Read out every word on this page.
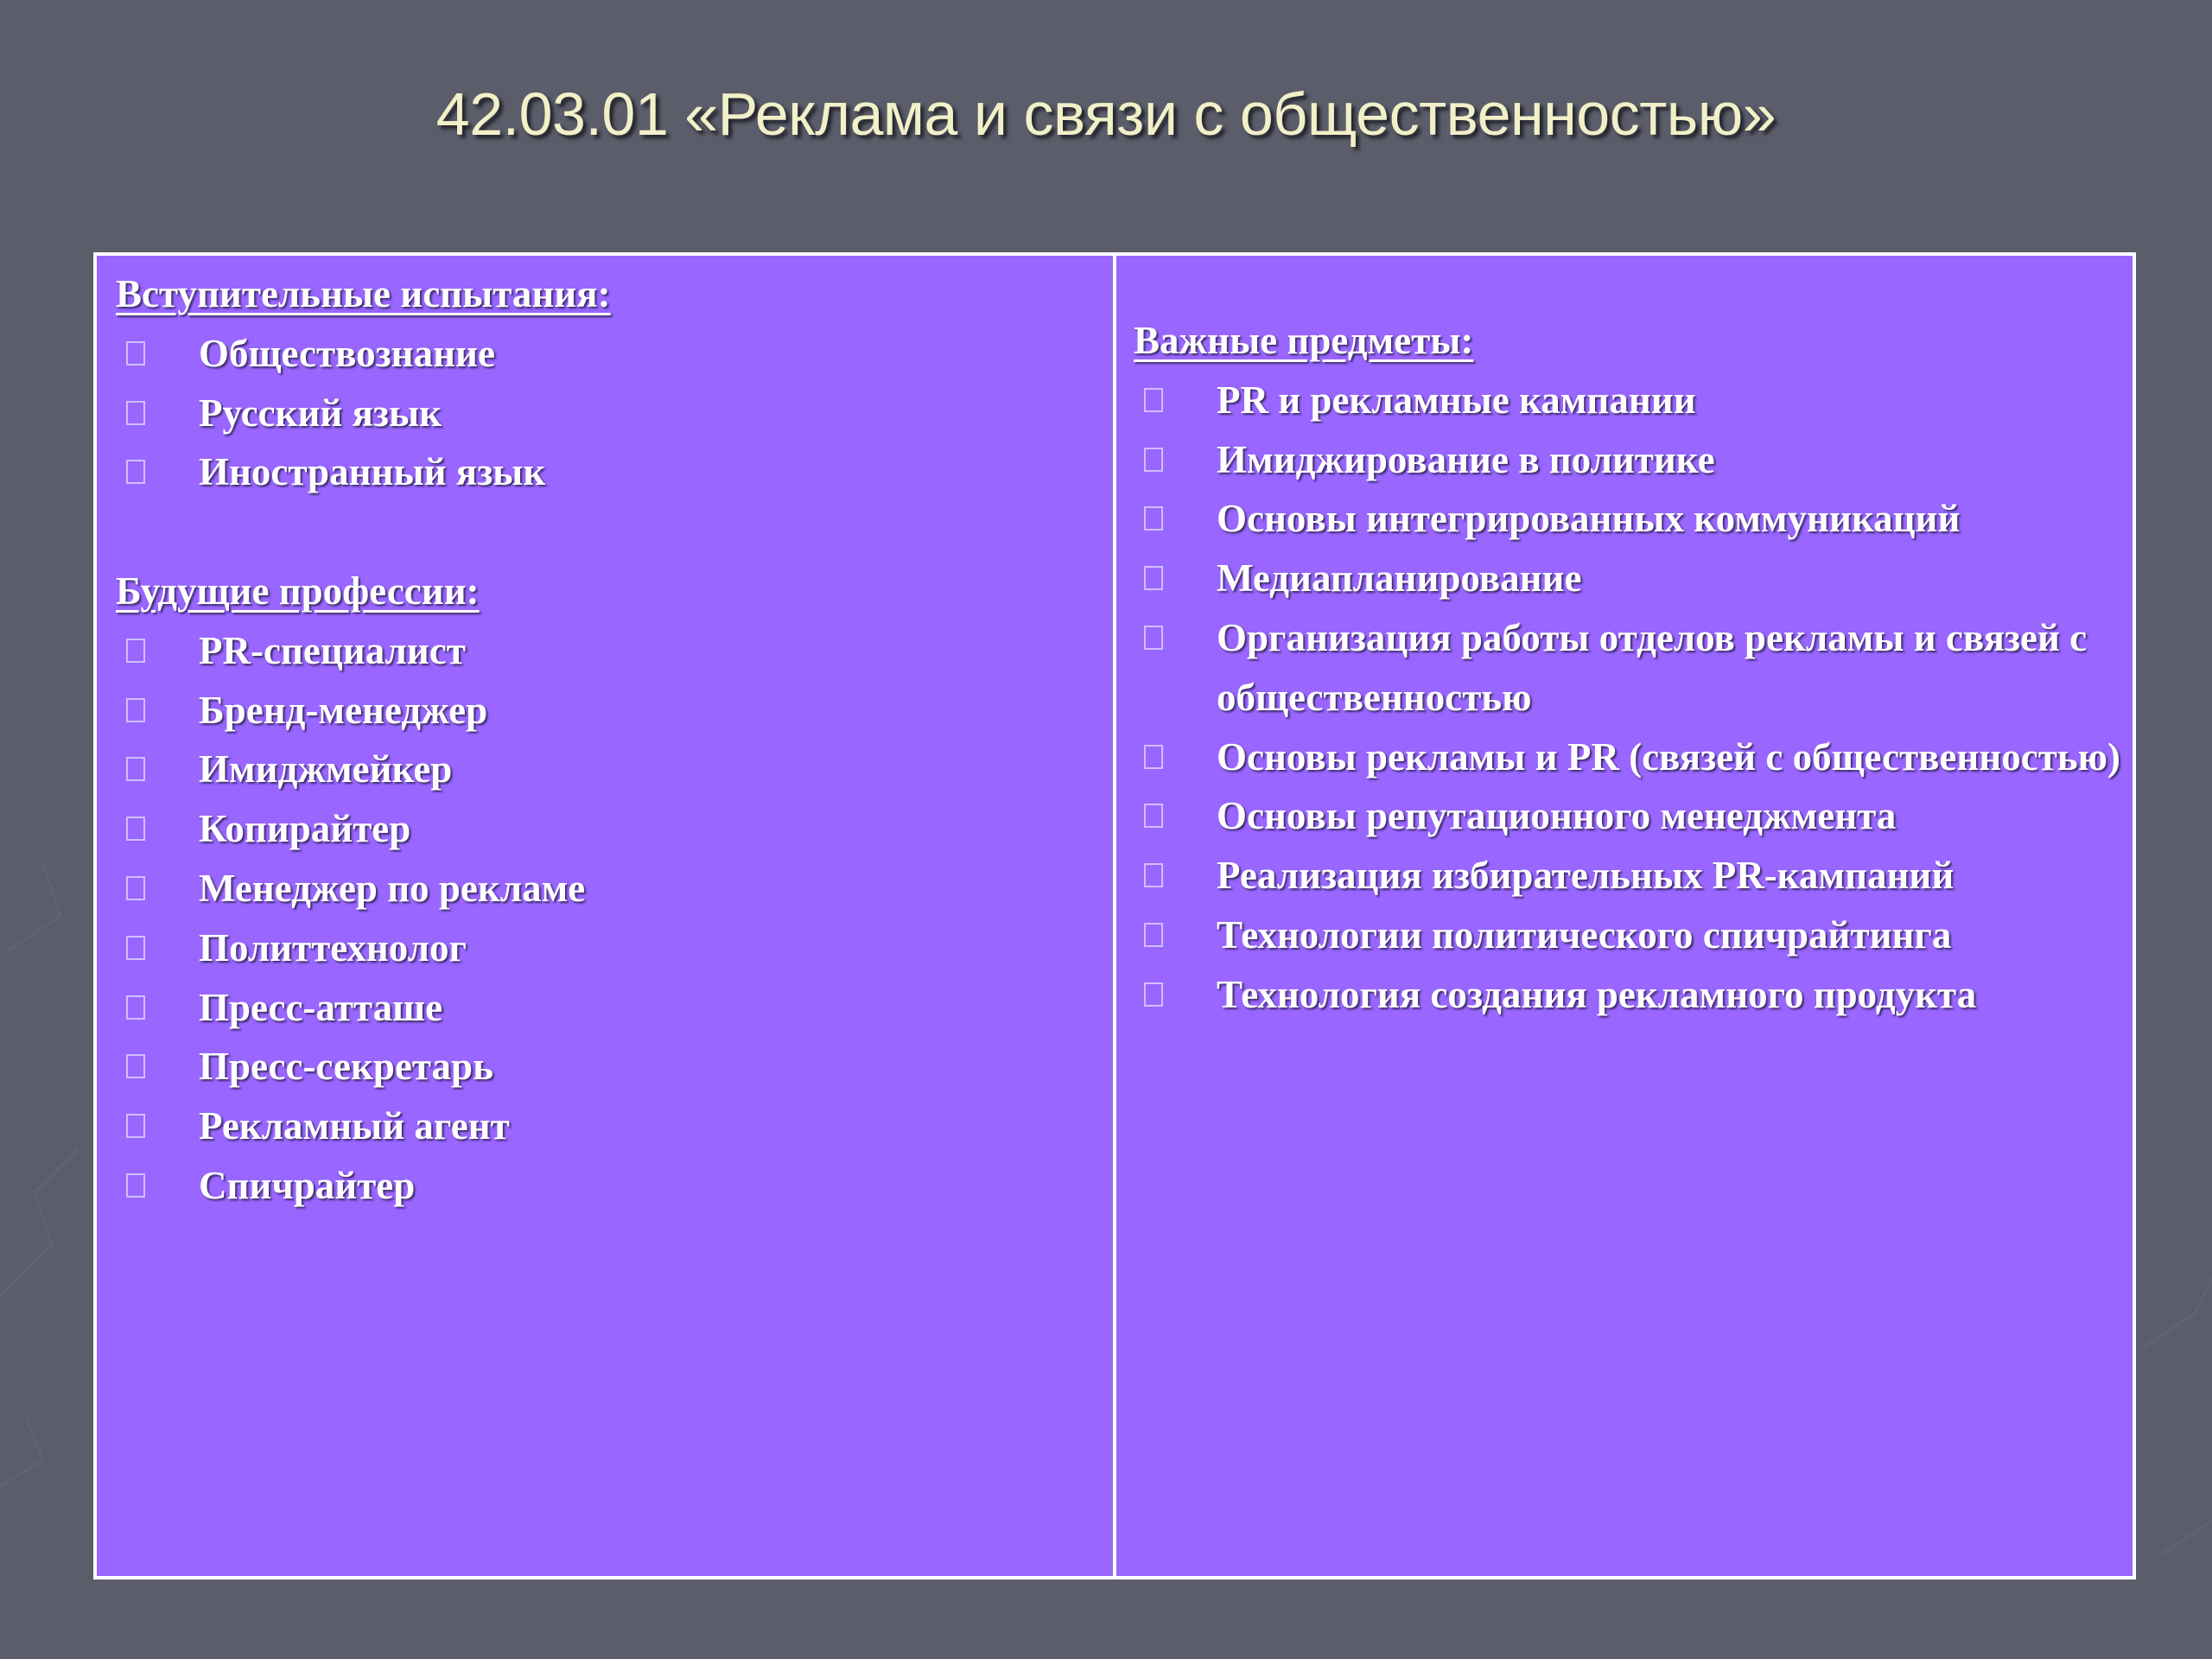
42.03.01 «Реклама и связи с общественностью»
Вступительные испытания:
Обществознание
Русский язык
Иностранный язык
Будущие профессии:
PR-специалист
Бренд-менеджер
Имиджмейкер
Копирайтер
Менеджер по рекламе
Политтехнолог
Пресс-атташе
Пресс-секретарь
Рекламный агент
Спичрайтер
Важные предметы:
PR и рекламные кампании
Имиджирование в политике
Основы интегрированных коммуникаций
Медиапланирование
Организация работы отделов рекламы и связей с общественностью
Основы рекламы и PR (связей с общественностью)
Основы репутационного менеджмента
Реализация избирательных PR-кампаний
Технологии политического спичрайтинга
Технология создания рекламного продукта
